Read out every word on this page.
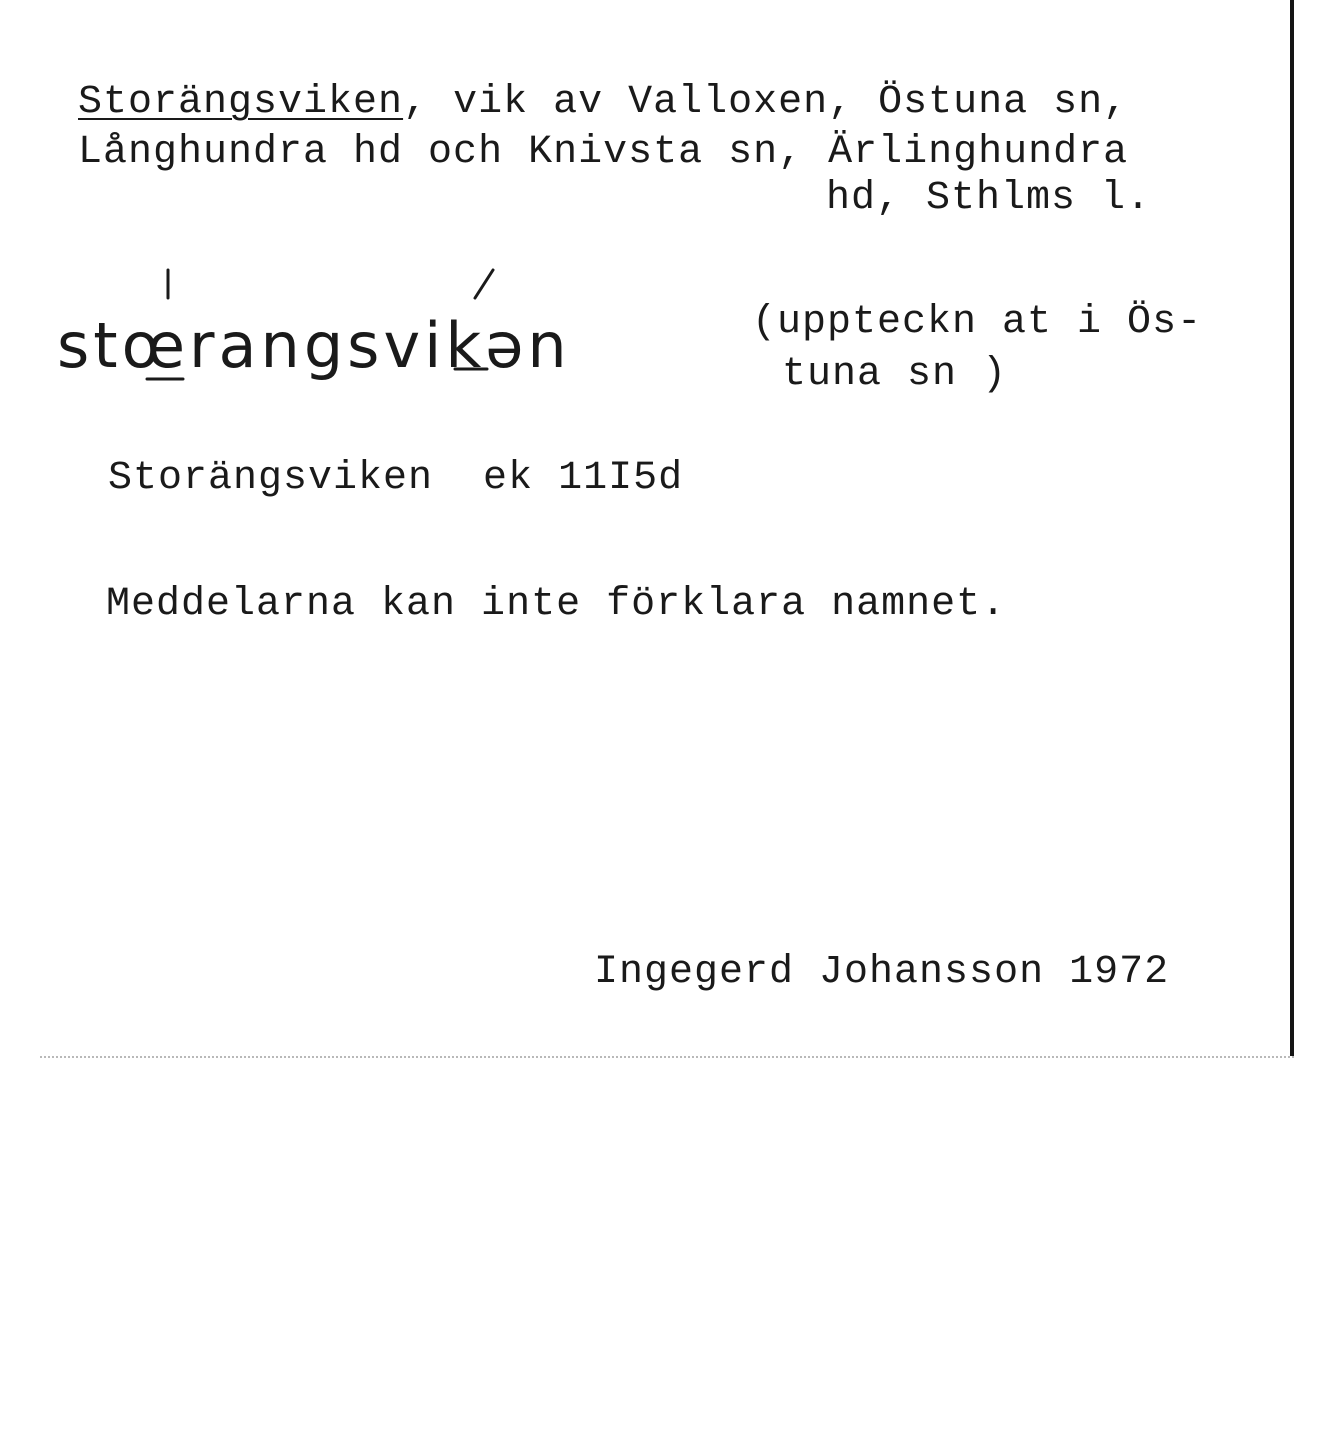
Storängsviken, vik av Valloxen, Östuna sn,
Långhundra hd och Knivsta sn, Ärlinghundra
hd, Sthlms l.
stœrangsvikən	(uppteckn at i Ös-
tuna sn )
Storängsviken  ek 11I5d
Meddelarna kan inte förklara namnet.
Ingegerd Johansson 1972
